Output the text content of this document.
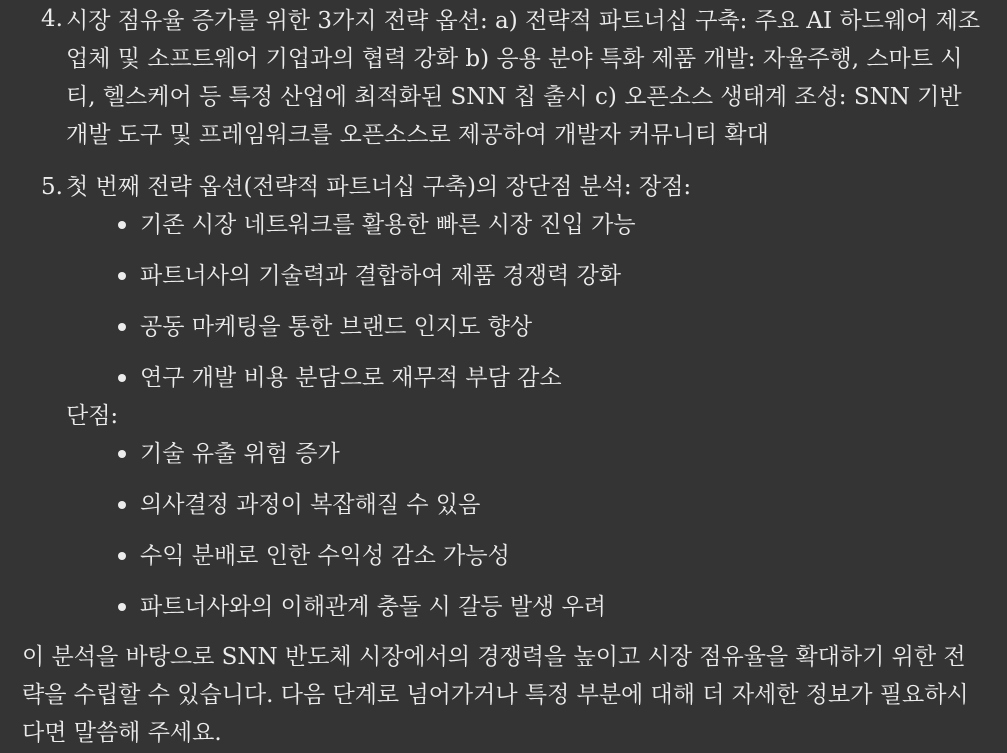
4. 시장 점유율 증가를 위한 3가지 전략 옵션: a) 전략적 파트너십 구축: 주요 AI 하드웨어 제조업체 및 소프트웨어 기업과의 협력 강화 b) 응용 분야 특화 제품 개발: 자율주행, 스마트 시티, 헬스케어 등 특정 산업에 최적화된 SNN 칩 출시 c) 오픈소스 생태계 조성: SNN 기반 개발 도구 및 프레임워크를 오픈소스로 제공하여 개발자 커뮤니티 확대
5. 첫 번째 전략 옵션(전략적 파트너십 구축)의 장단점 분석: 장점:
기존 시장 네트워크를 활용한 빠른 시장 진입 가능
파트너사의 기술력과 결합하여 제품 경쟁력 강화
공동 마케팅을 통한 브랜드 인지도 향상
연구 개발 비용 분담으로 재무적 부담 감소
단점:
기술 유출 위험 증가
의사결정 과정이 복잡해질 수 있음
수익 분배로 인한 수익성 감소 가능성
파트너사와의 이해관계 충돌 시 갈등 발생 우려

이 분석을 바탕으로 SNN 반도체 시장에서의 경쟁력을 높이고 시장 점유율을 확대하기 위한 전략을 수립할 수 있습니다. 다음 단계로 넘어가거나 특정 부분에 대해 더 자세한 정보가 필요하시다면 말씀해 주세요.
